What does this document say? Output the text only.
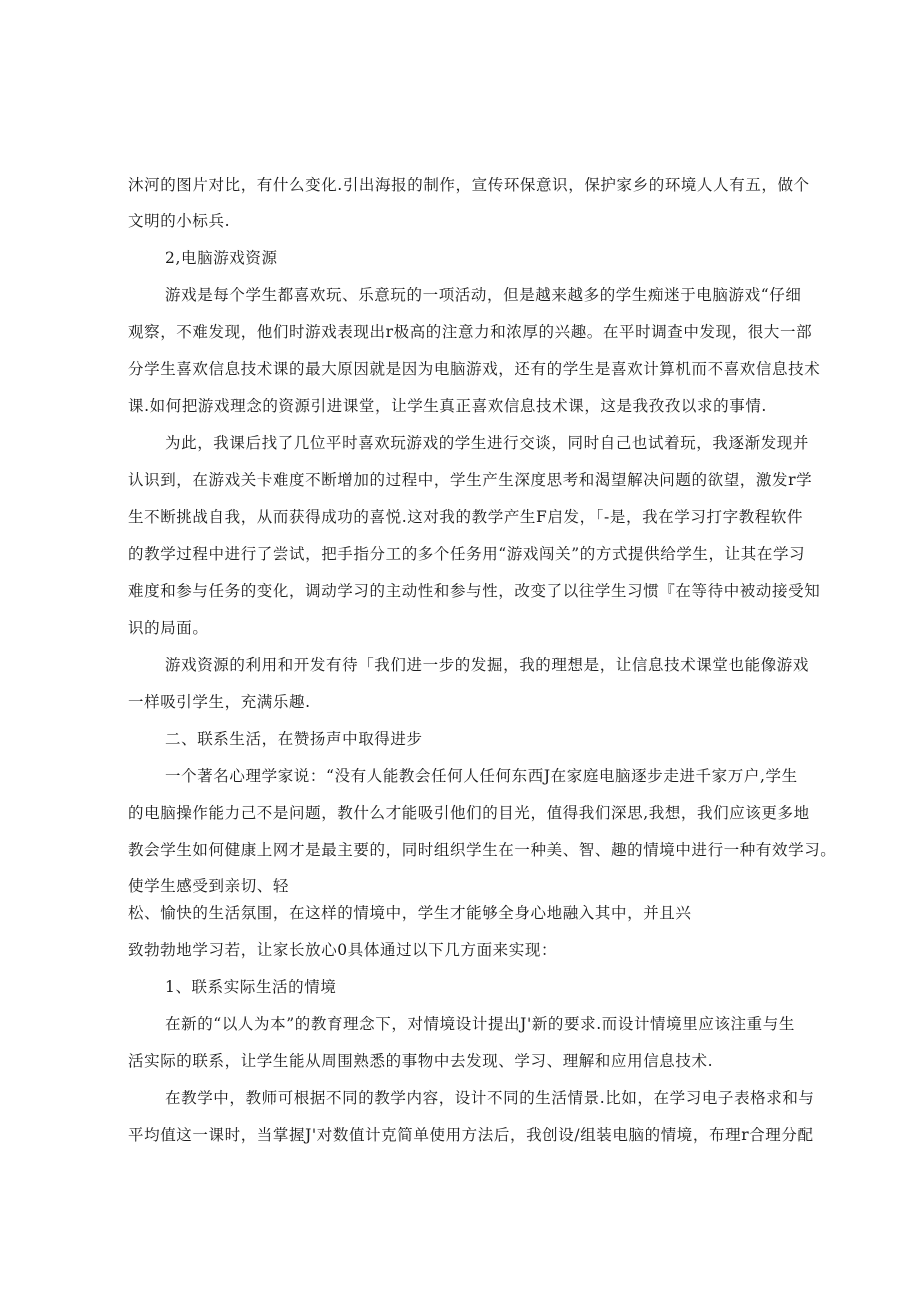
沐河的图片对比，有什么变化.引出海报的制作，宣传环保意识，保护家乡的环境人人有五，做个
文明的小标兵.
2,电脑游戏资源
游戏是每个学生都喜欢玩、乐意玩的一项活动，但是越来越多的学生痴迷于电脑游戏“仔细
观察，不难发现，他们时游戏表现出r极高的注意力和浓厚的兴趣。在平时调查中发现，很大一部
分学生喜欢信息技术课的最大原因就是因为电脑游戏，还有的学生是喜欢计算机而不喜欢信息技术
课.如何把游戏理念的资源引进课堂，让学生真正喜欢信息技术课，这是我孜孜以求的事情.
为此，我课后找了几位平时喜欢玩游戏的学生进行交谈，同时自己也试着玩，我逐渐发现并
认识到，在游戏关卡难度不断增加的过程中，学生产生深度思考和渴望解决问题的欲望，激发r学
生不断挑战自我，从而获得成功的喜悦.这对我的教学产生F启发，「-是，我在学习打字教程软件
的教学过程中进行了尝试，把手指分工的多个任务用“游戏闯关”的方式提供给学生，让其在学习
难度和参与任务的变化，调动学习的主动性和参与性，改变了以往学生习惯『在等待中被动接受知
识的局面。
游戏资源的利用和开发有待「我们进一步的发掘，我的理想是，让信息技术课堂也能像游戏
一样吸引学生，充满乐趣.
二、联系生活，在赞扬声中取得进步
一个著名心理学家说：“没有人能教会任何人任何东西J在家庭电脑逐步走进千家万户,学生
的电脑操作能力己不是问题，教什么才能吸引他们的目光，值得我们深思,我想，我们应该更多地
教会学生如何健康上网才是最主要的，同时组织学生在一种美、智、趣的情境中进行一种有效学习。
使学生感受到亲切、轻
松、愉快的生活氛围，在这样的情境中，学生才能够全身心地融入其中，并且兴
致勃勃地学习若，让家长放心0具体通过以下几方面来实现：
1、联系实际生活的情境
在新的“以人为本”的教育理念下，对情境设计提出J'新的要求.而设计情境里应该注重与生
活实际的联系，让学生能从周围熟悉的事物中去发现、学习、理解和应用信息技术.
在教学中，教师可根据不同的教学内容，设计不同的生活情景.比如，在学习电子表格求和与
平均值这一课时，当掌握J'对数值计克简单使用方法后，我创设/组装电脑的情境，布理r合理分配
